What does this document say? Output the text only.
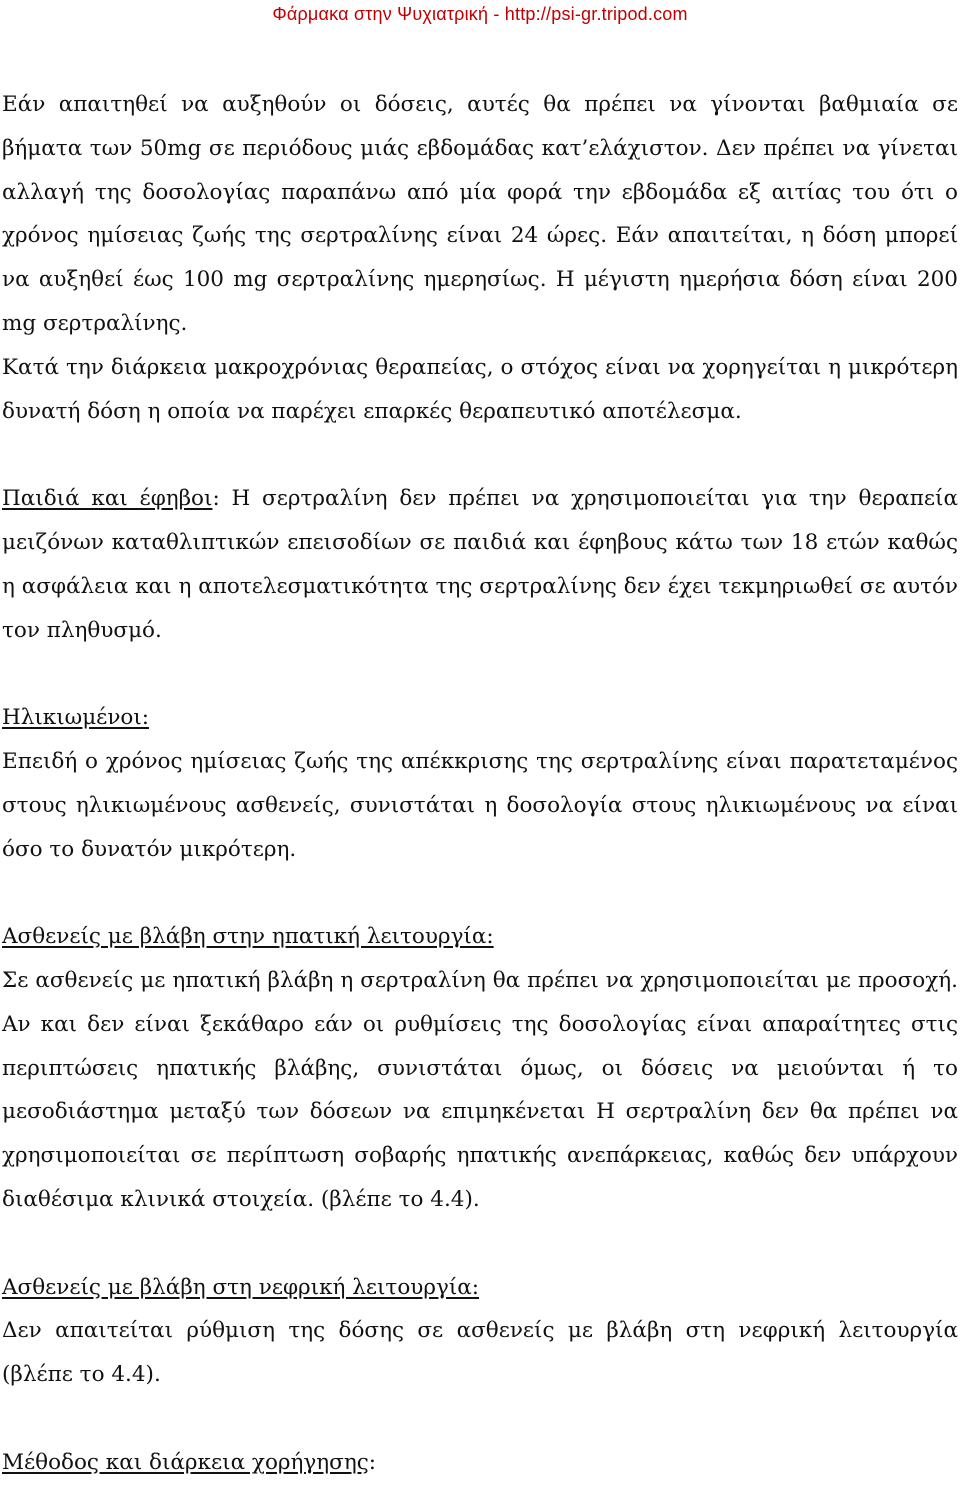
Φάρμακα στην Ψυχιατρική - http://psi-gr.tripod.com

Εάν απαιτηθεί να αυξηθούν οι δόσεις, αυτές θα πρέπει να γίνονται βαθμιαία σε βήματα των 50mg σε περιόδους μιάς εβδομάδας κατ’ελάχιστον. Δεν πρέπει να γίνεται αλλαγή της δοσολογίας παραπάνω από μία φορά την εβδομάδα εξ αιτίας του ότι ο χρόνος ημίσειας ζωής της σερτραλίνης είναι 24 ώρες. Εάν απαιτείται, η δόση μπορεί να αυξηθεί έως 100 mg σερτραλίνης ημερησίως. Η μέγιστη ημερήσια δόση είναι 200 mg σερτραλίνης.

Κατά την διάρκεια μακροχρόνιας θεραπείας, ο στόχος είναι να χορηγείται η μικρότερη δυνατή δόση η οποία να παρέχει επαρκές θεραπευτικό αποτέλεσμα.

Παιδιά και έφηβοι: Η σερτραλίνη δεν πρέπει να χρησιμοποιείται για την θεραπεία μειζόνων καταθλιπτικών επεισοδίων σε παιδιά και έφηβους κάτω των 18 ετών καθώς η ασφάλεια και η αποτελεσματικότητα της σερτραλίνης δεν έχει τεκμηριωθεί σε αυτόν τον πληθυσμό.

Ηλικιωμένοι:

Επειδή ο χρόνος ημίσειας ζωής της απέκκρισης της σερτραλίνης είναι παρατεταμένος στους ηλικιωμένους ασθενείς, συνιστάται η δοσολογία στους ηλικιωμένους να είναι όσο το δυνατόν μικρότερη.

Ασθενείς με βλάβη στην ηπατική λειτουργία:

Σε ασθενείς με ηπατική βλάβη η σερτραλίνη θα πρέπει να χρησιμοποιείται με προσοχή. Αν και δεν είναι ξεκάθαρο εάν οι ρυθμίσεις της δοσολογίας είναι απαραίτητες στις περιπτώσεις ηπατικής βλάβης, συνιστάται όμως, οι δόσεις να μειούνται ή το μεσοδιάστημα μεταξύ των δόσεων να επιμηκένεται Η σερτραλίνη δεν θα πρέπει να χρησιμοποιείται σε περίπτωση σοβαρής ηπατικής ανεπάρκειας, καθώς δεν υπάρχουν διαθέσιμα κλινικά στοιχεία. (βλέπε το 4.4).

Ασθενείς με βλάβη στη νεφρική λειτουργία:

Δεν απαιτείται ρύθμιση της δόσης σε ασθενείς με βλάβη στη νεφρική λειτουργία (βλέπε το 4.4).

Μέθοδος και διάρκεια χορήγησης:
